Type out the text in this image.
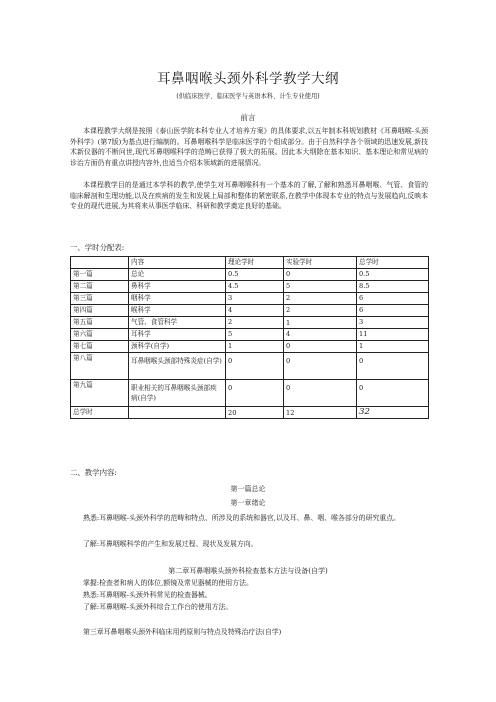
耳鼻咽喉头颈外科学教学大纲
(供临床医学、临床医学与英语本科、计生专业使用)
前言

本课程教学大纲是按照《泰山医学院本科专业人才培养方案》的具体要求,以五年制本科规划教材《耳鼻咽喉-头颈外科学》(第7版)为基点进行编制的。耳鼻咽喉科学是临床医学的个组成部分。由于自然科学各个领域的迅速发展,新技术新仪器的不断问世,现代耳鼻咽喉科学的范畴已获得了极大的拓展。因此本大纲除在基本知识、基本理论和常见病的诊治方面仍有重点讲授内容外,也适当介绍本领域新的进展情况。

本课程教学目的是通过本学科的教学,使学生对耳鼻咽喉科有一个基本的了解,了解和熟悉耳鼻咽喉、气管、食管的临床解剖和生理功能,以及在疾病的发生和发展上局部和整体的紧密联系,在教学中体现本专业的特点与发展趋向,反映本专业的现代进展,为其将来从事医学临床、科研和教学奠定良好的基础。

一、学时分配表:
	内容	理论学时	实验学时	总学时
第一篇	总论	0.5	0	0.5
第二篇	鼻科学	4.5	5	8.5
第三篇	咽科学	3	2	6
第四篇	喉科学	4	2	6
第五篇	气管、食管科学	2	1	3
第六篇	耳科学	5	4	11
第七篇	颈科学(自学)	1	0	1
第八篇	耳鼻咽喉头颈部特殊炎症(自学)	0	0	0
第九篇	职业相关的耳鼻咽喉头颈部疾病(自学)	0	0	0
总学时		20	12	32
二、教学内容:
第一篇总论
第一章绪论

熟悉:耳鼻咽喉-头颈外科学的范畴和特点、所涉及的系统和器官,以及耳、鼻、咽、喉各部分的研究重点。

了解:耳鼻咽喉科学的产生和发展过程、现状及发展方向。

第二章耳鼻咽喉头颈外科检查基本方法与设备(自学)

掌握:检查者和病人的体位,额镜及常见器械的使用方法。

熟悉:耳鼻咽喉-头颈外科常见的检查器械。

了解:耳鼻咽喉-头颈外科综合工作台的使用方法。

第三章耳鼻咽喉头颈外科临床用药原则与特点及特殊治疗法(自学)
